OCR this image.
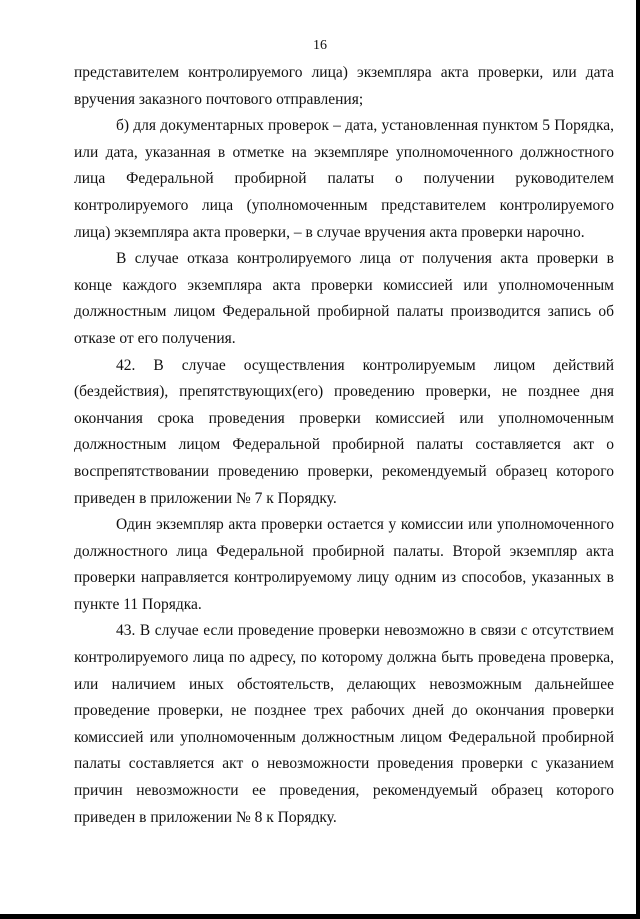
16

представителем контролируемого лица) экземпляра акта проверки, или дата вручения заказного почтового отправления;

б) для документарных проверок – дата, установленная пунктом 5 Порядка, или дата, указанная в отметке на экземпляре уполномоченного должностного лица Федеральной пробирной палаты о получении руководителем контролируемого лица (уполномоченным представителем контролируемого лица) экземпляра акта проверки, – в случае вручения акта проверки нарочно.

В случае отказа контролируемого лица от получения акта проверки в конце каждого экземпляра акта проверки комиссией или уполномоченным должностным лицом Федеральной пробирной палаты производится запись об отказе от его получения.

42. В случае осуществления контролируемым лицом действий (бездействия), препятствующих(его) проведению проверки, не позднее дня окончания срока проведения проверки комиссией или уполномоченным должностным лицом Федеральной пробирной палаты составляется акт о воспрепятствовании проведению проверки, рекомендуемый образец которого приведен в приложении № 7 к Порядку.

Один экземпляр акта проверки остается у комиссии или уполномоченного должностного лица Федеральной пробирной палаты. Второй экземпляр акта проверки направляется контролируемому лицу одним из способов, указанных в пункте 11 Порядка.

43. В случае если проведение проверки невозможно в связи с отсутствием контролируемого лица по адресу, по которому должна быть проведена проверка, или наличием иных обстоятельств, делающих невозможным дальнейшее проведение проверки, не позднее трех рабочих дней до окончания проверки комиссией или уполномоченным должностным лицом Федеральной пробирной палаты составляется акт о невозможности проведения проверки с указанием причин невозможности ее проведения, рекомендуемый образец которого приведен в приложении № 8 к Порядку.
